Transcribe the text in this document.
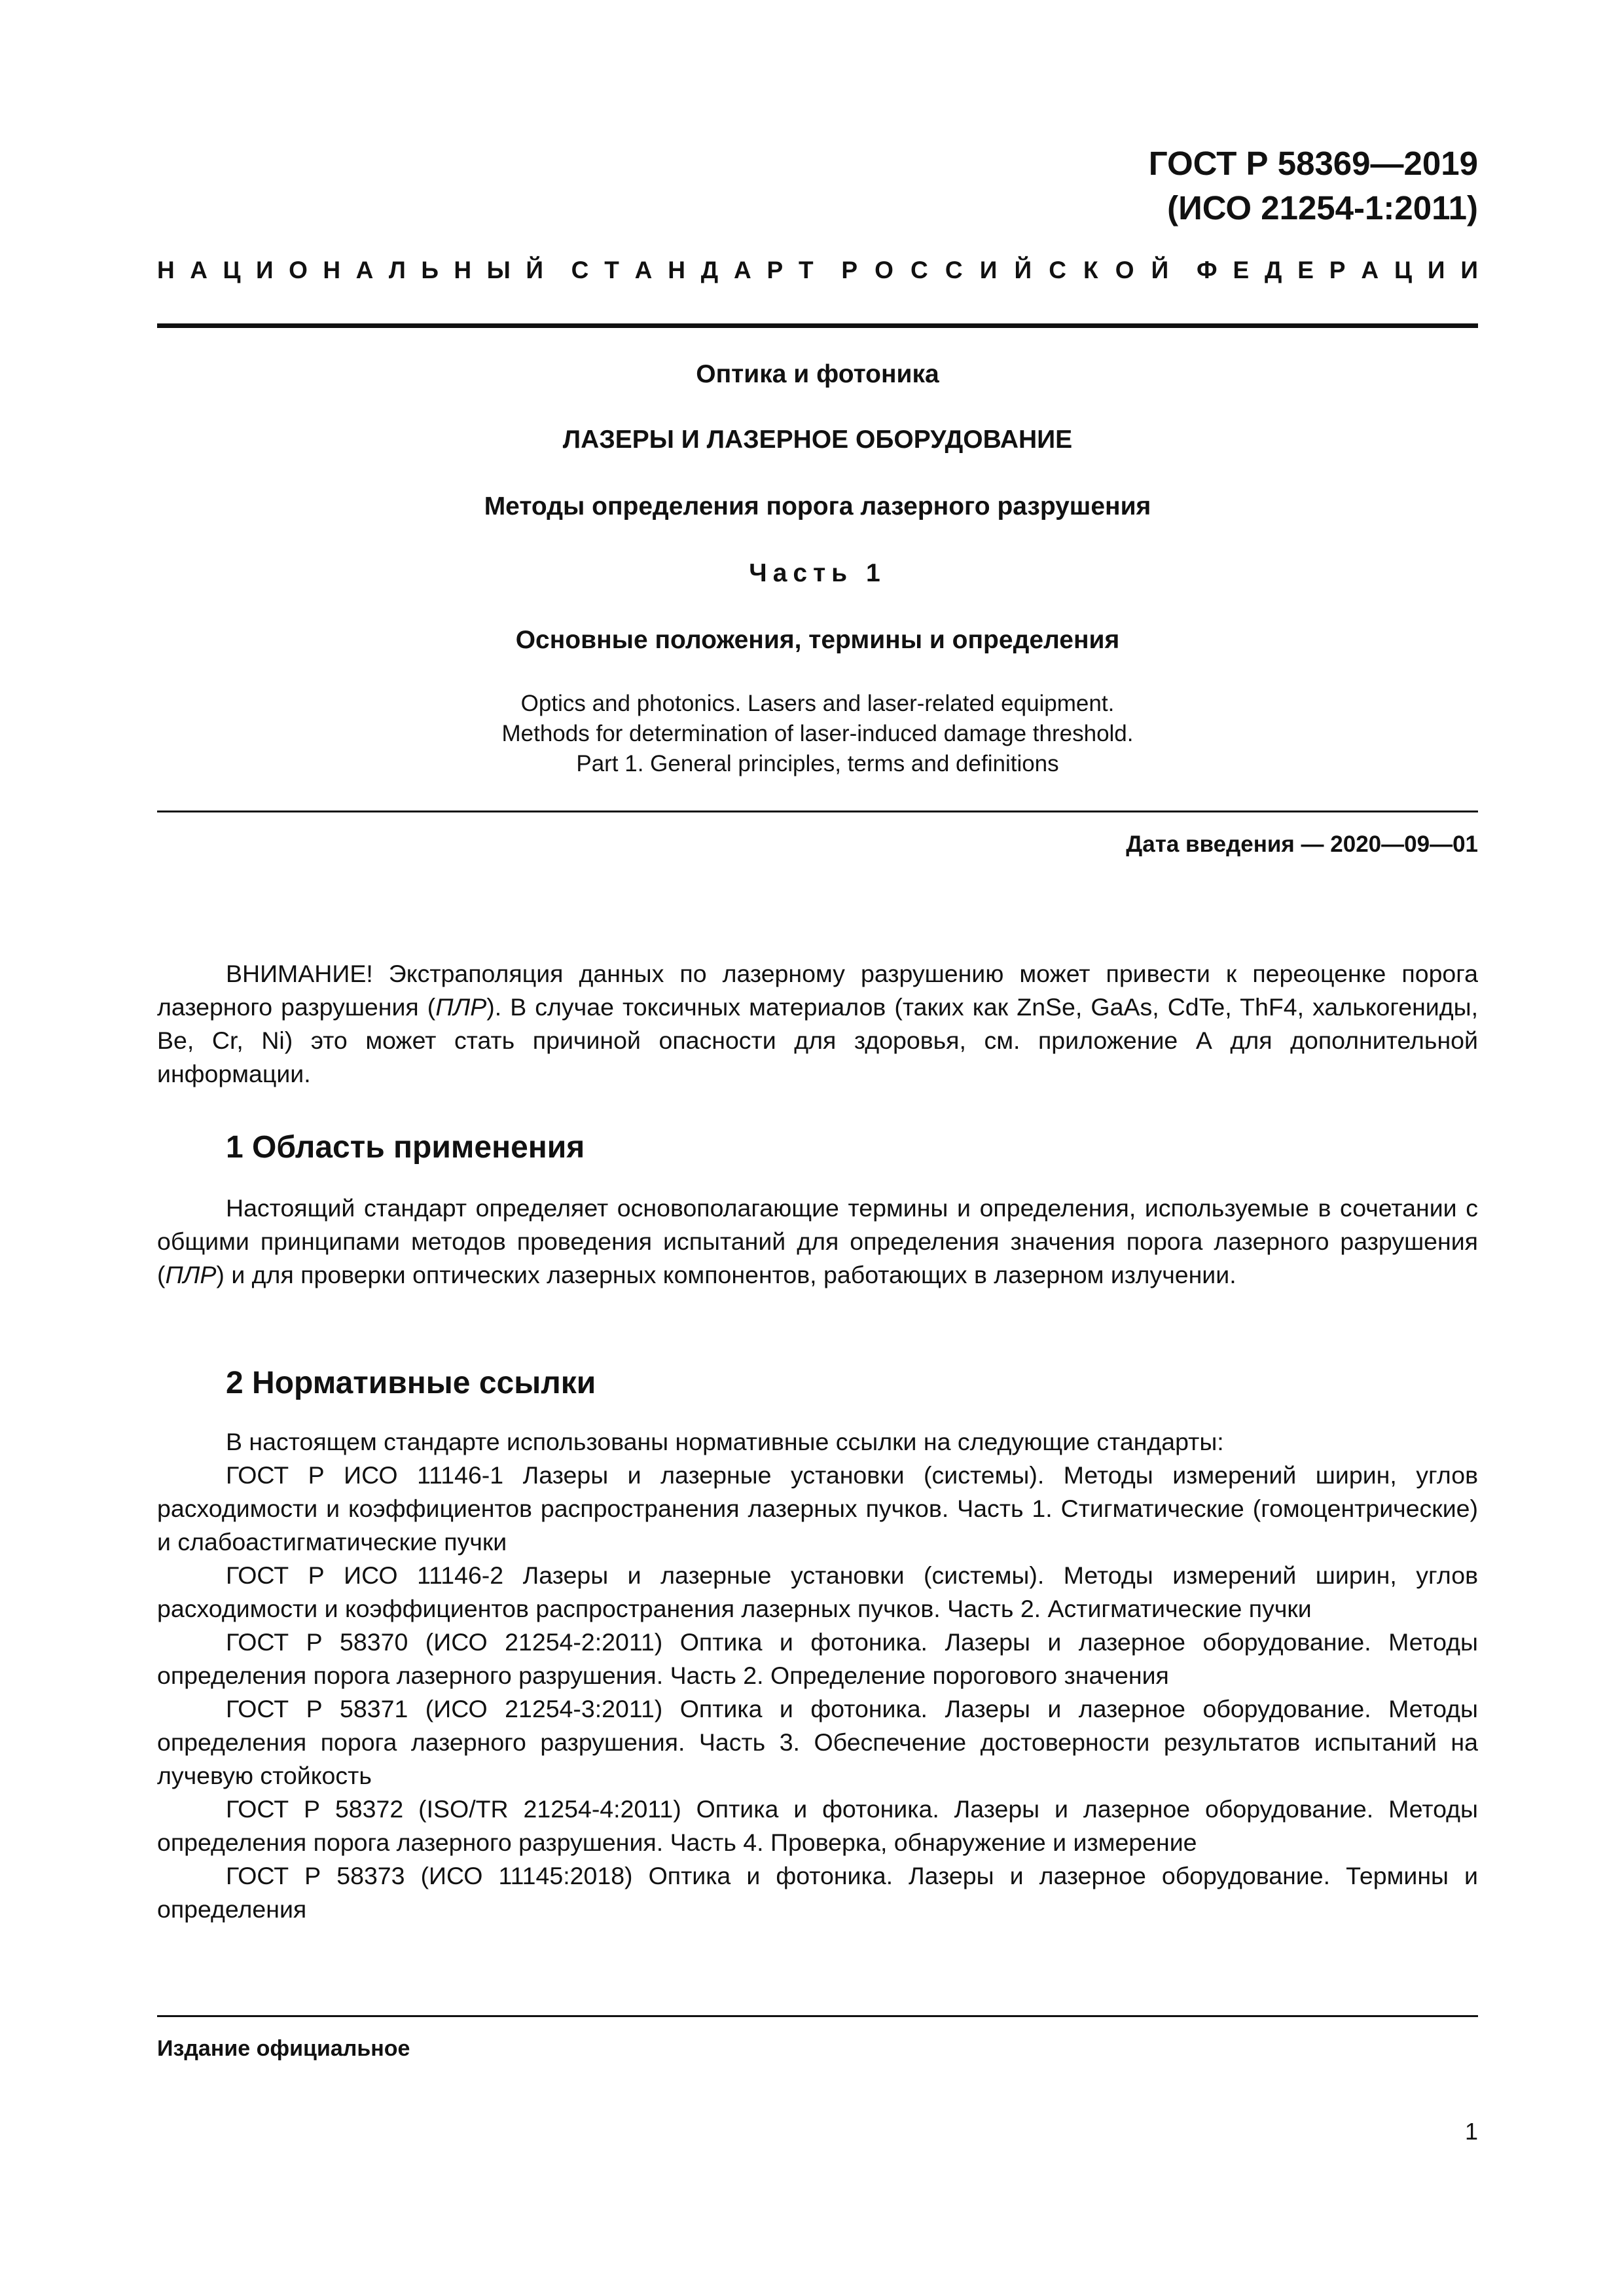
ГОСТ Р 58369—2019
(ИСО 21254-1:2011)
Н А Ц И О Н А Л Ь Н Ы Й С Т А Н Д А Р Т Р О С С И Й С К О Й Ф Е Д Е Р А Ц И И
Оптика и фотоника
ЛАЗЕРЫ И ЛАЗЕРНОЕ ОБОРУДОВАНИЕ
Методы определения порога лазерного разрушения
Часть 1
Основные положения, термины и определения
Optics and photonics. Lasers and laser-related equipment.
Methods for determination of laser-induced damage threshold.
Part 1. General principles, terms and definitions
Дата введения — 2020—09—01

ВНИМАНИЕ! Экстраполяция данных по лазерному разрушению может привести к переоценке порога лазерного разрушения (ПЛР). В случае токсичных материалов (таких как ZnSe, GaAs, CdTe, ThF4, халькогениды, Be, Cr, Ni) это может стать причиной опасности для здоровья, см. приложение А для дополнительной информации.

1 Область применения

Настоящий стандарт определяет основополагающие термины и определения, используемые в сочетании с общими принципами методов проведения испытаний для определения значения порога лазерного разрушения (ПЛР) и для проверки оптических лазерных компонентов, работающих в лазерном излучении.

2 Нормативные ссылки

В настоящем стандарте использованы нормативные ссылки на следующие стандарты:

ГОСТ Р ИСО 11146-1 Лазеры и лазерные установки (системы). Методы измерений ширин, углов расходимости и коэффициентов распространения лазерных пучков. Часть 1. Стигматические (гомоцентрические) и слабоастигматические пучки

ГОСТ Р ИСО 11146-2 Лазеры и лазерные установки (системы). Методы измерений ширин, углов расходимости и коэффициентов распространения лазерных пучков. Часть 2. Астигматические пучки

ГОСТ Р 58370 (ИСО 21254-2:2011) Оптика и фотоника. Лазеры и лазерное оборудование. Методы определения порога лазерного разрушения. Часть 2. Определение порогового значения

ГОСТ Р 58371 (ИСО 21254-3:2011) Оптика и фотоника. Лазеры и лазерное оборудование. Методы определения порога лазерного разрушения. Часть 3. Обеспечение достоверности результатов испытаний на лучевую стойкость

ГОСТ Р 58372 (ISO/TR 21254-4:2011) Оптика и фотоника. Лазеры и лазерное оборудование. Методы определения порога лазерного разрушения. Часть 4. Проверка, обнаружение и измерение

ГОСТ Р 58373 (ИСО 11145:2018) Оптика и фотоника. Лазеры и лазерное оборудование. Термины и определения

Издание официальное
1
